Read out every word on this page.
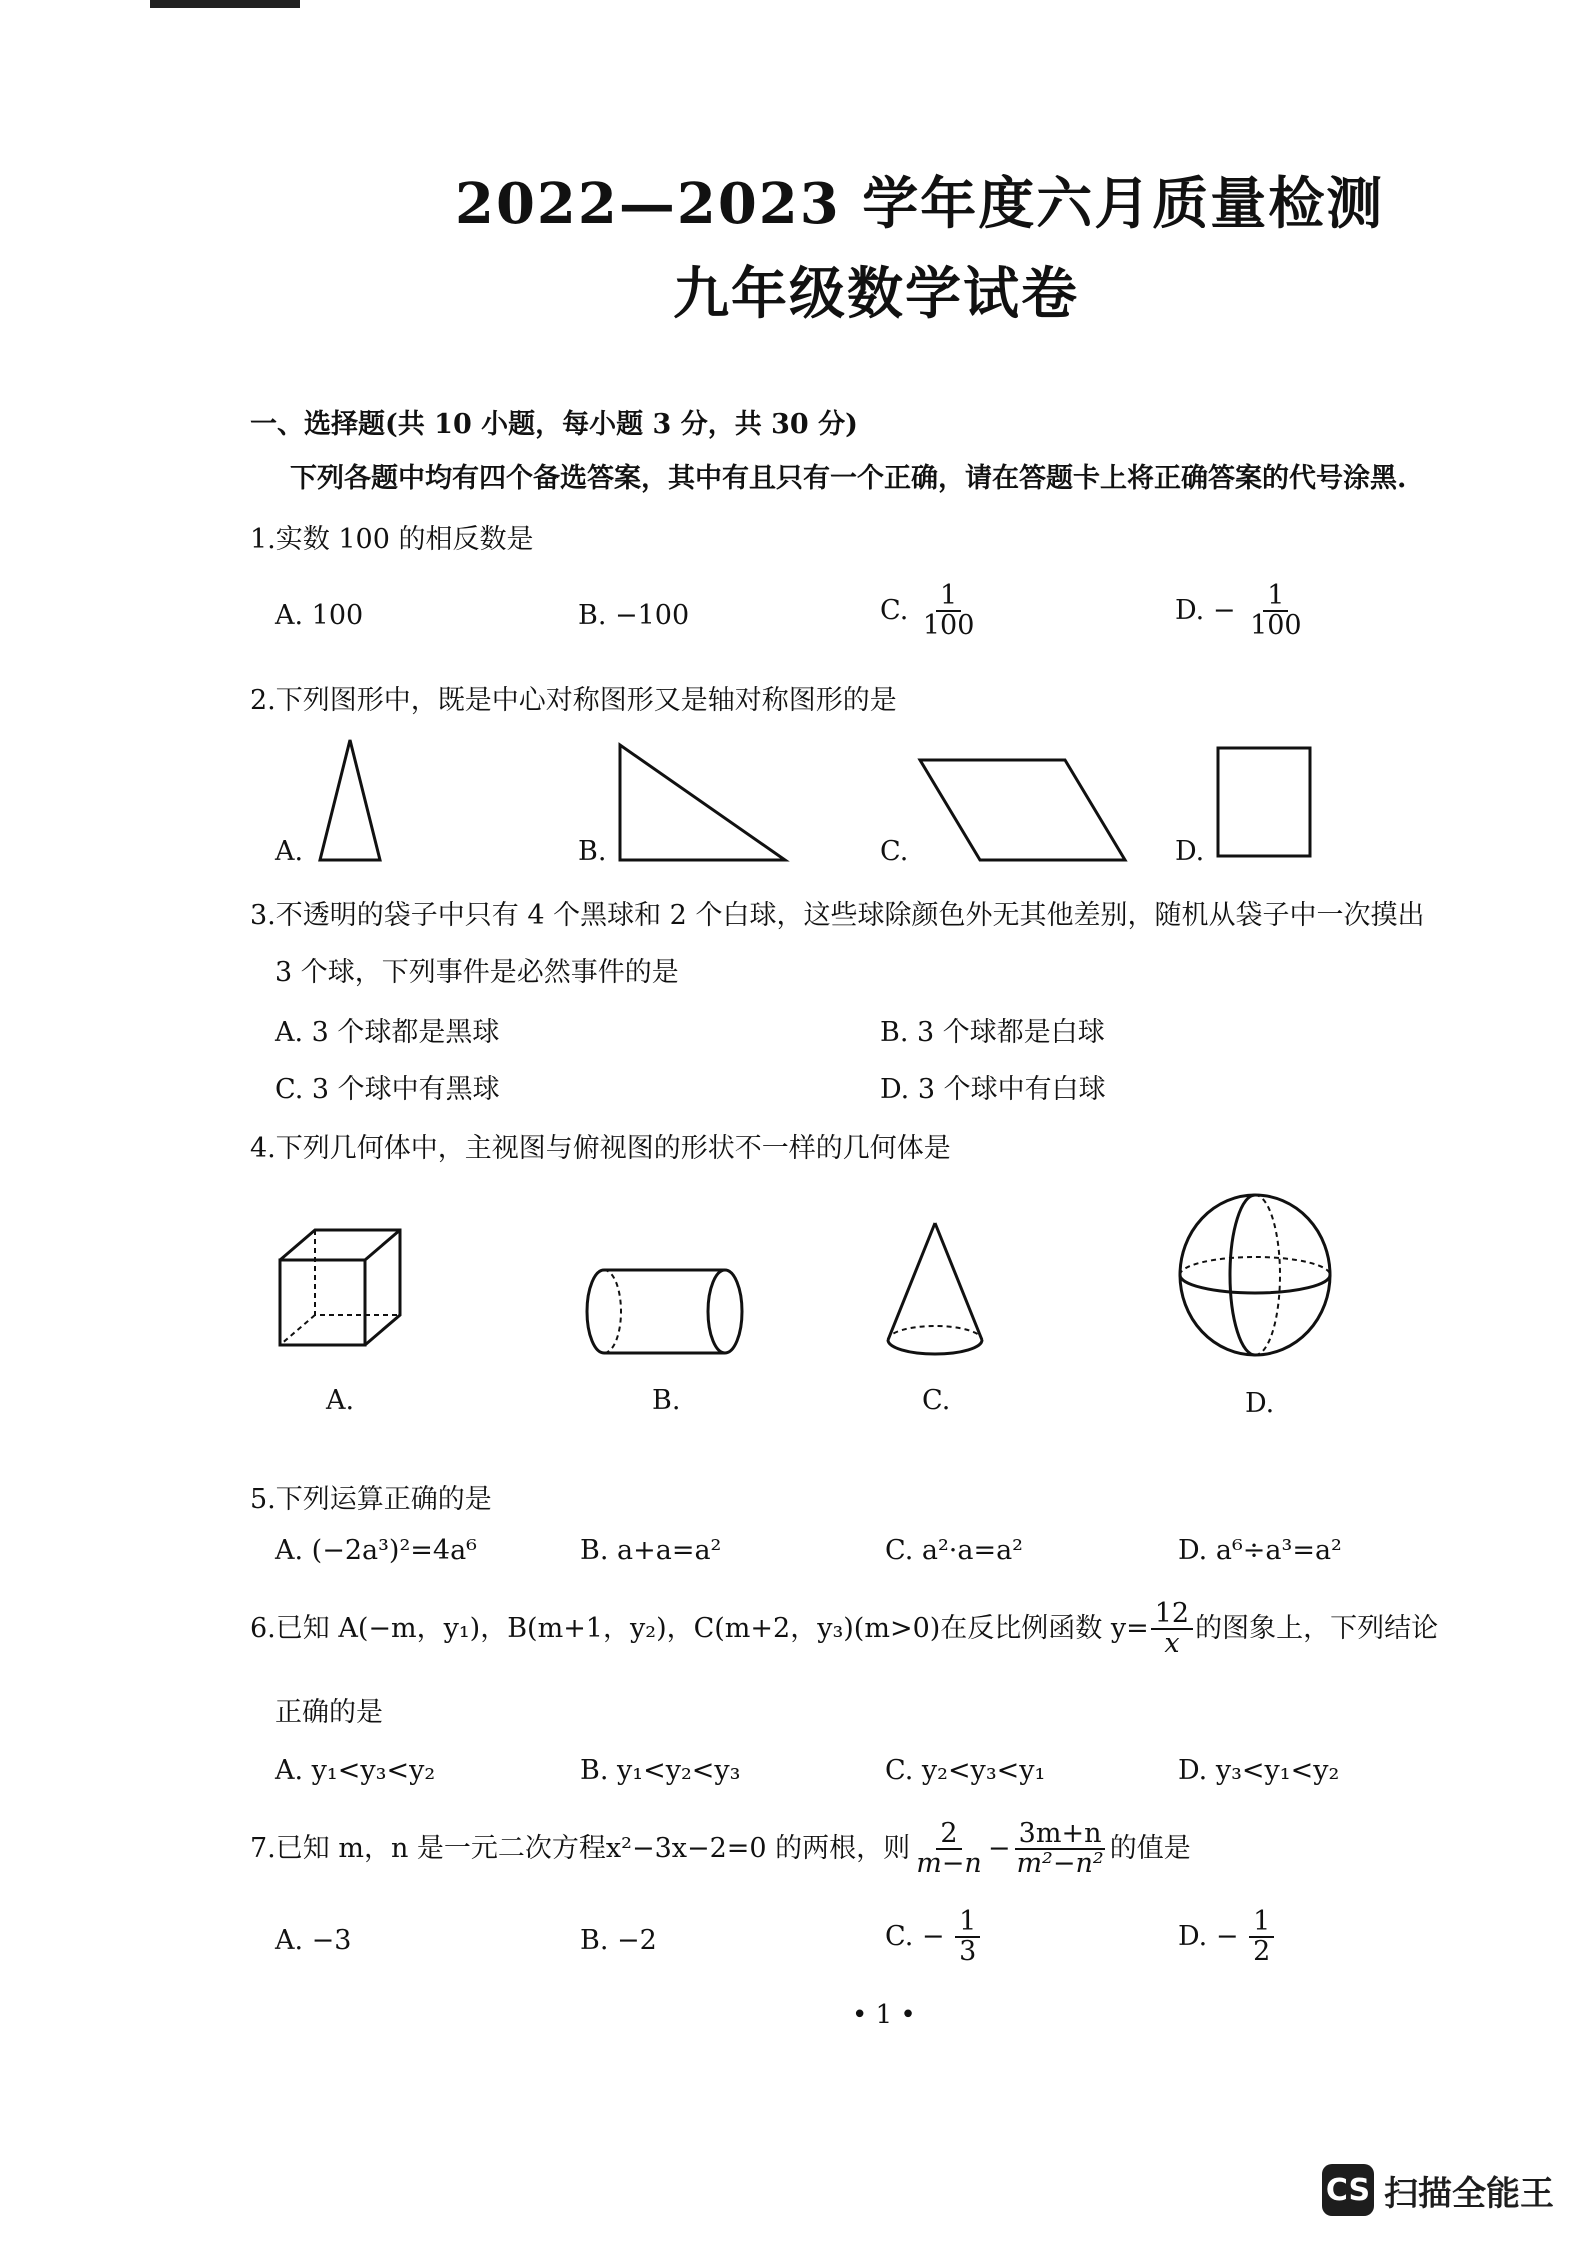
2022—2023 学年度六月质量检测
九年级数学试卷
一、选择题(共 10 小题，每小题 3 分，共 30 分)
下列各题中均有四个备选答案，其中有且只有一个正确，请在答题卡上将正确答案的代号涂黑.
1.实数 100 的相反数是
A. 100	B. −100	C. $\frac{1}{100}$	D. − $\frac{1}{100}$
2.下列图形中，既是中心对称图形又是轴对称图形的是
A.	B.	C.	D.
3.不透明的袋子中只有 4 个黑球和 2 个白球，这些球除颜色外无其他差别，随机从袋子中一次摸出
3 个球，下列事件是必然事件的是
A. 3 个球都是黑球	B. 3 个球都是白球
C. 3 个球中有黑球	D. 3 个球中有白球
4.下列几何体中，主视图与俯视图的形状不一样的几何体是
A.	B.	C.	D.
5.下列运算正确的是
A. (−2a³)²=4a⁶	B. a+a=a²	C. a²·a=a²	D. a⁶÷a³=a²
6.已知 A(−m，y₁)，B(m+1，y₂)，C(m+2，y₃)(m>0)在反比例函数 $y= \frac{12}{x}$ 的图象上，下列结论
正确的是
A. y₁<y₃<y₂	B. y₁<y₂<y₃	C. y₂<y₃<y₁	D. y₃<y₁<y₂
7.已知 m，n 是一元二次方程x²−3x−2=0 的两根，则 $\frac{2}{m-n} - \frac{3m+n}{\text{m²−n²}}$ 的值是
A. −3	B. −2	C. − $\frac{1}{3}$	D. − $\frac{1}{2}$
• 1 •
CS 扫描全能王
